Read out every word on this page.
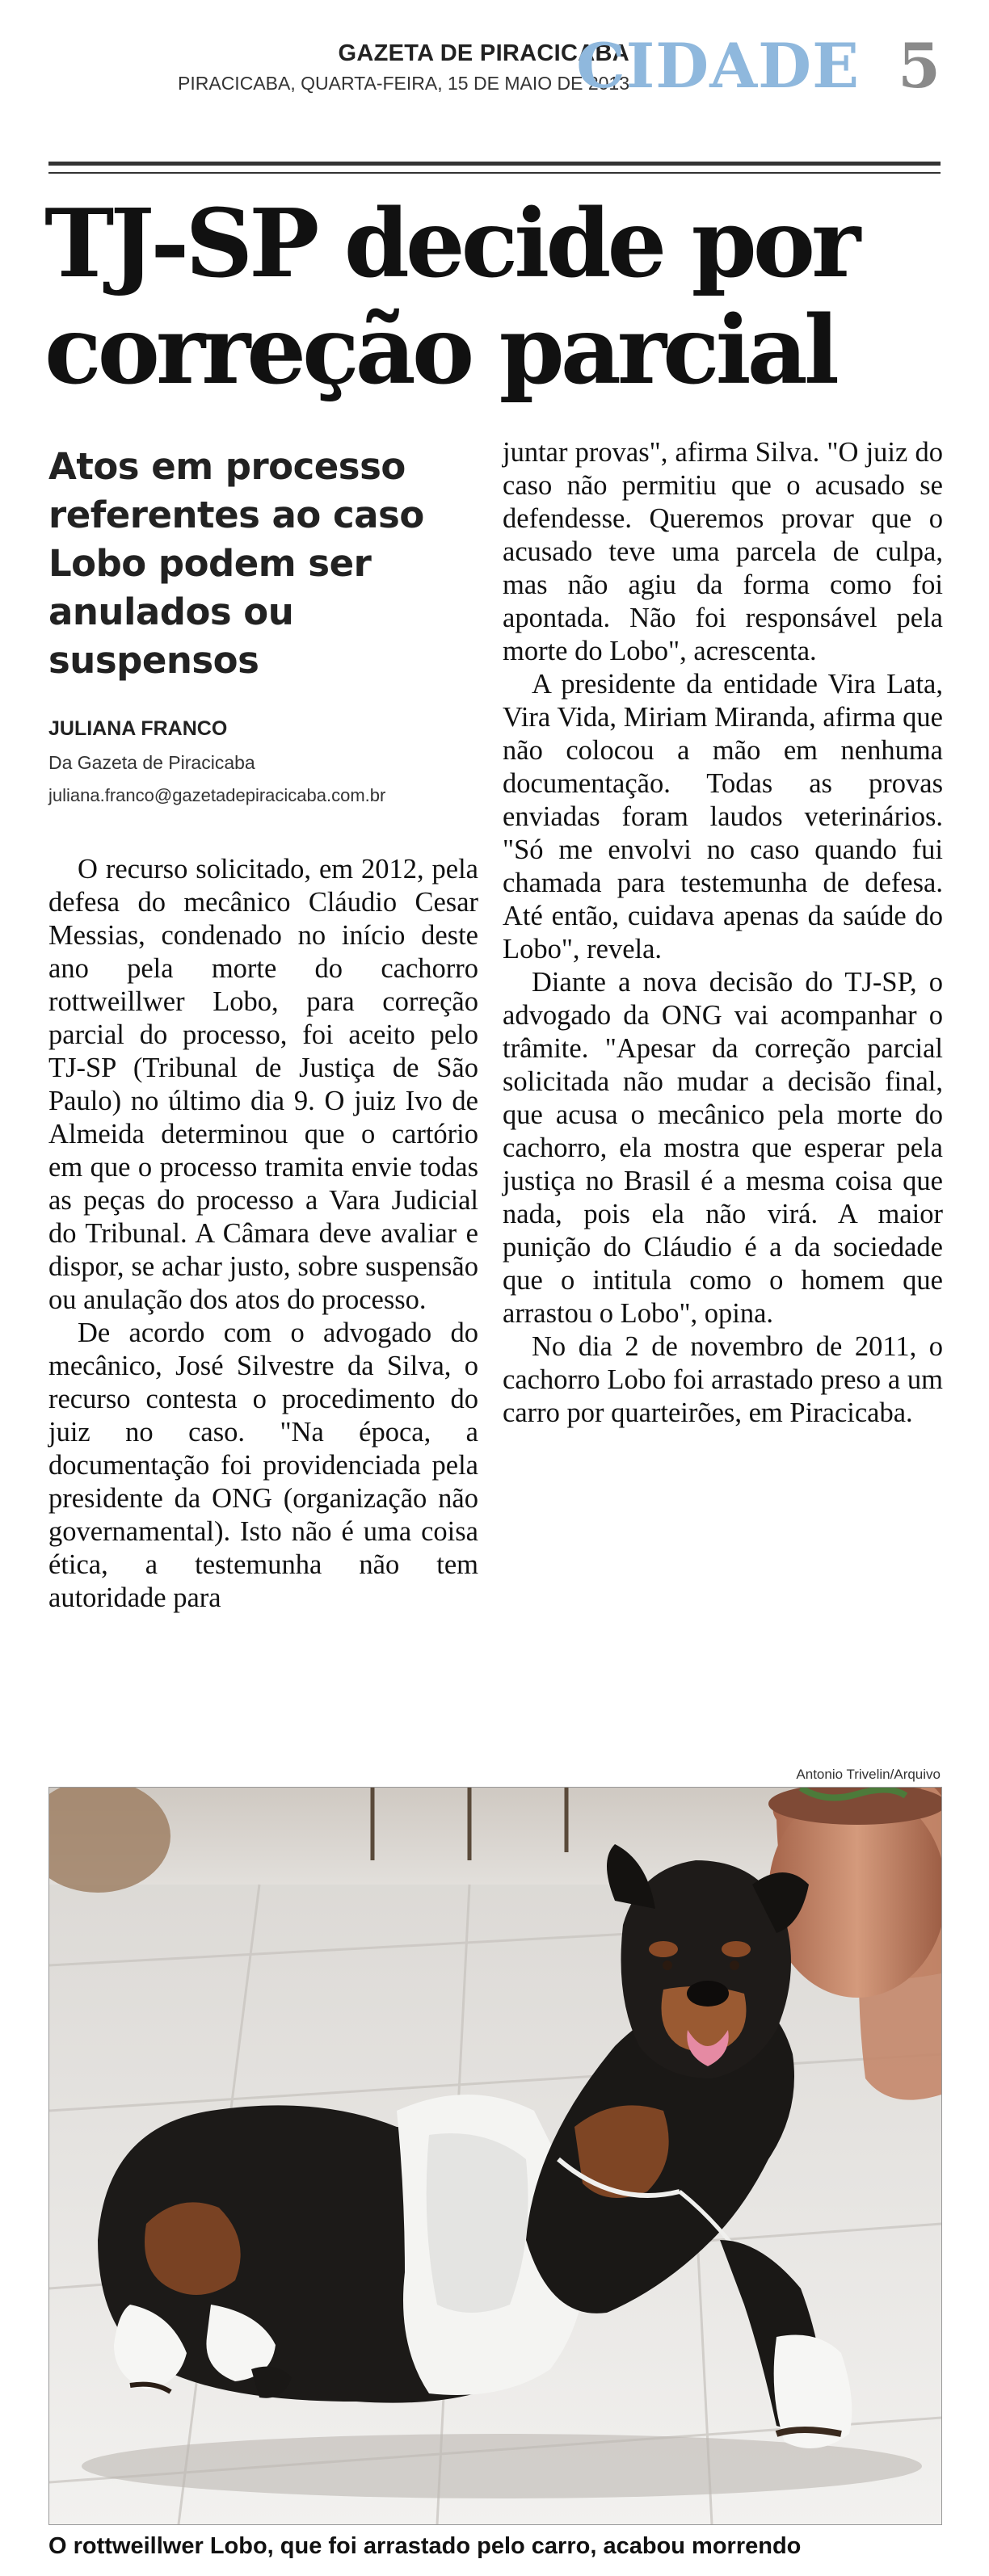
GAZETA DE PIRACICABA
PIRACICABA, QUARTA-FEIRA, 15 DE MAIO DE 2013
CIDADE 5
TJ-SP decide por
correção parcial
Atos em processo referentes ao caso Lobo podem ser anulados ou suspensos
JULIANA FRANCO
Da Gazeta de Piracicaba
juliana.franco@gazetadepiracicaba.com.br

O recurso solicitado, em 2012, pela defesa do mecânico Cláudio Cesar Messias, condenado no início deste ano pela morte do cachorro rottweillwer Lobo, para correção parcial do processo, foi aceito pelo TJ-SP (Tribunal de Justiça de São Paulo) no último dia 9. O juiz Ivo de Almeida determinou que o cartório em que o processo tramita envie todas as peças do processo a Vara Judicial do Tribunal. A Câmara deve avaliar e dispor, se achar justo, sobre suspensão ou anulação dos atos do processo.

De acordo com o advogado do mecânico, José Silvestre da Silva, o recurso contesta o procedimento do juiz no caso. "Na época, a documentação foi providenciada pela presidente da ONG (organização não governamental). Isto não é uma coisa ética, a testemunha não tem autoridade para

juntar provas", afirma Silva. "O juiz do caso não permitiu que o acusado se defendesse. Queremos provar que o acusado teve uma parcela de culpa, mas não agiu da forma como foi apontada. Não foi responsável pela morte do Lobo", acrescenta.

A presidente da entidade Vira Lata, Vira Vida, Miriam Miranda, afirma que não colocou a mão em nenhuma documentação. Todas as provas enviadas foram laudos veterinários. "Só me envolvi no caso quando fui chamada para testemunha de defesa. Até então, cuidava apenas da saúde do Lobo", revela.

Diante a nova decisão do TJ-SP, o advogado da ONG vai acompanhar o trâmite. "Apesar da correção parcial solicitada não mudar a decisão final, que acusa o mecânico pela morte do cachorro, ela mostra que esperar pela justiça no Brasil é a mesma coisa que nada, pois ela não virá. A maior punição do Cláudio é a da sociedade que o intitula como o homem que arrastou o Lobo", opina.

No dia 2 de novembro de 2011, o cachorro Lobo foi arrastado preso a um carro por quarteirões, em Piracicaba.

Antonio Trivelin/Arquivo
O rottweillwer Lobo, que foi arrastado pelo carro, acabou morrendo
